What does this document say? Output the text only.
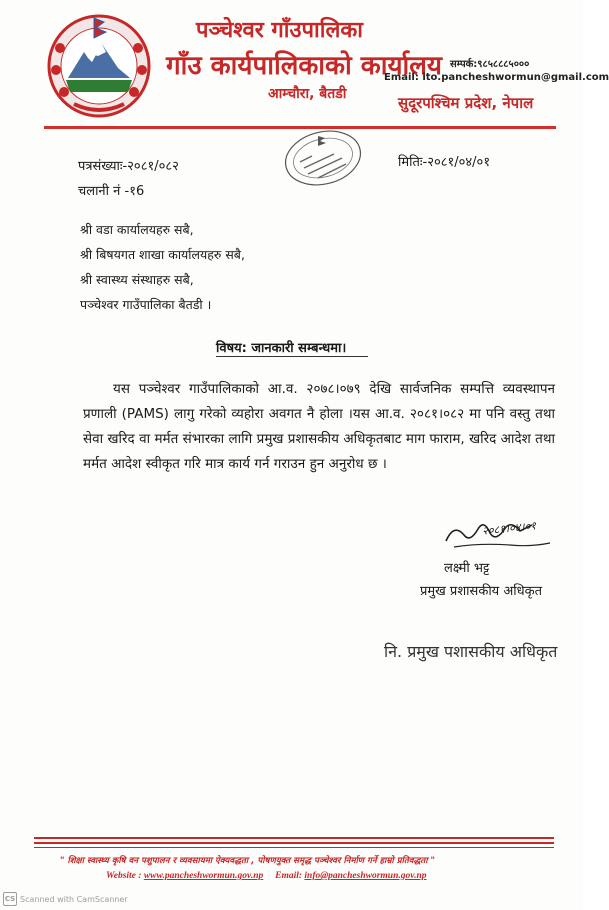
पञ्चेश्वर गाँउपालिका
गाँउ कार्यपालिकाको कार्यालय
आम्चौरा, बैतडी
सम्पर्क:९८५८८८५०००
Email: ito.pancheshwormun@gmail.com
सुदूरपश्चिम प्रदेश, नेपाल
पत्रसंख्याः-२०८१/०८२
चलानी नं -१6
मितिः-२०८१/०४/०१
श्री वडा कार्यालयहरु सबै,
श्री बिषयगत शाखा कार्यालयहरु सबै,
श्री स्वास्थ्य संस्थाहरु सबै,
पञ्चेश्वर गाउँपालिका बैतडी ।
विषय: जानकारी सम्बन्धमा।
यस पञ्चेश्वर गाउँपालिकाको आ.व. २०७८।०७९ देखि सार्वजनिक सम्पत्ति व्यवस्थापन प्रणाली (PAMS) लागु गरेको व्यहोरा अवगत नै होला ।यस आ.व. २०८१।०८२ मा पनि वस्तु तथा सेवा खरिद वा मर्मत संभारका लागि प्रमुख प्रशासकीय अधिकृतबाट माग फाराम, खरिद आदेश तथा मर्मत आदेश स्वीकृत गरि मात्र कार्य गर्न गराउन हुन अनुरोध छ ।
२०८१।०४।०१
लक्ष्मी भट्ट
प्रमुख प्रशासकीय अधिकृत
नि. प्रमुख पशासकीय अधिकृत
" शिक्षा स्वास्थ्य कृषि वन पशुपालन र व्यवसायमा ऐक्यवद्धता , पोषणयुक्त समृद्ध पञ्चेश्वर निर्माण गर्ने हाम्रो प्रतिवद्धता "
Website : www.pancheshwormun.gov.np Email: info@pancheshwormun.gov.np
CS Scanned with CamScanner
